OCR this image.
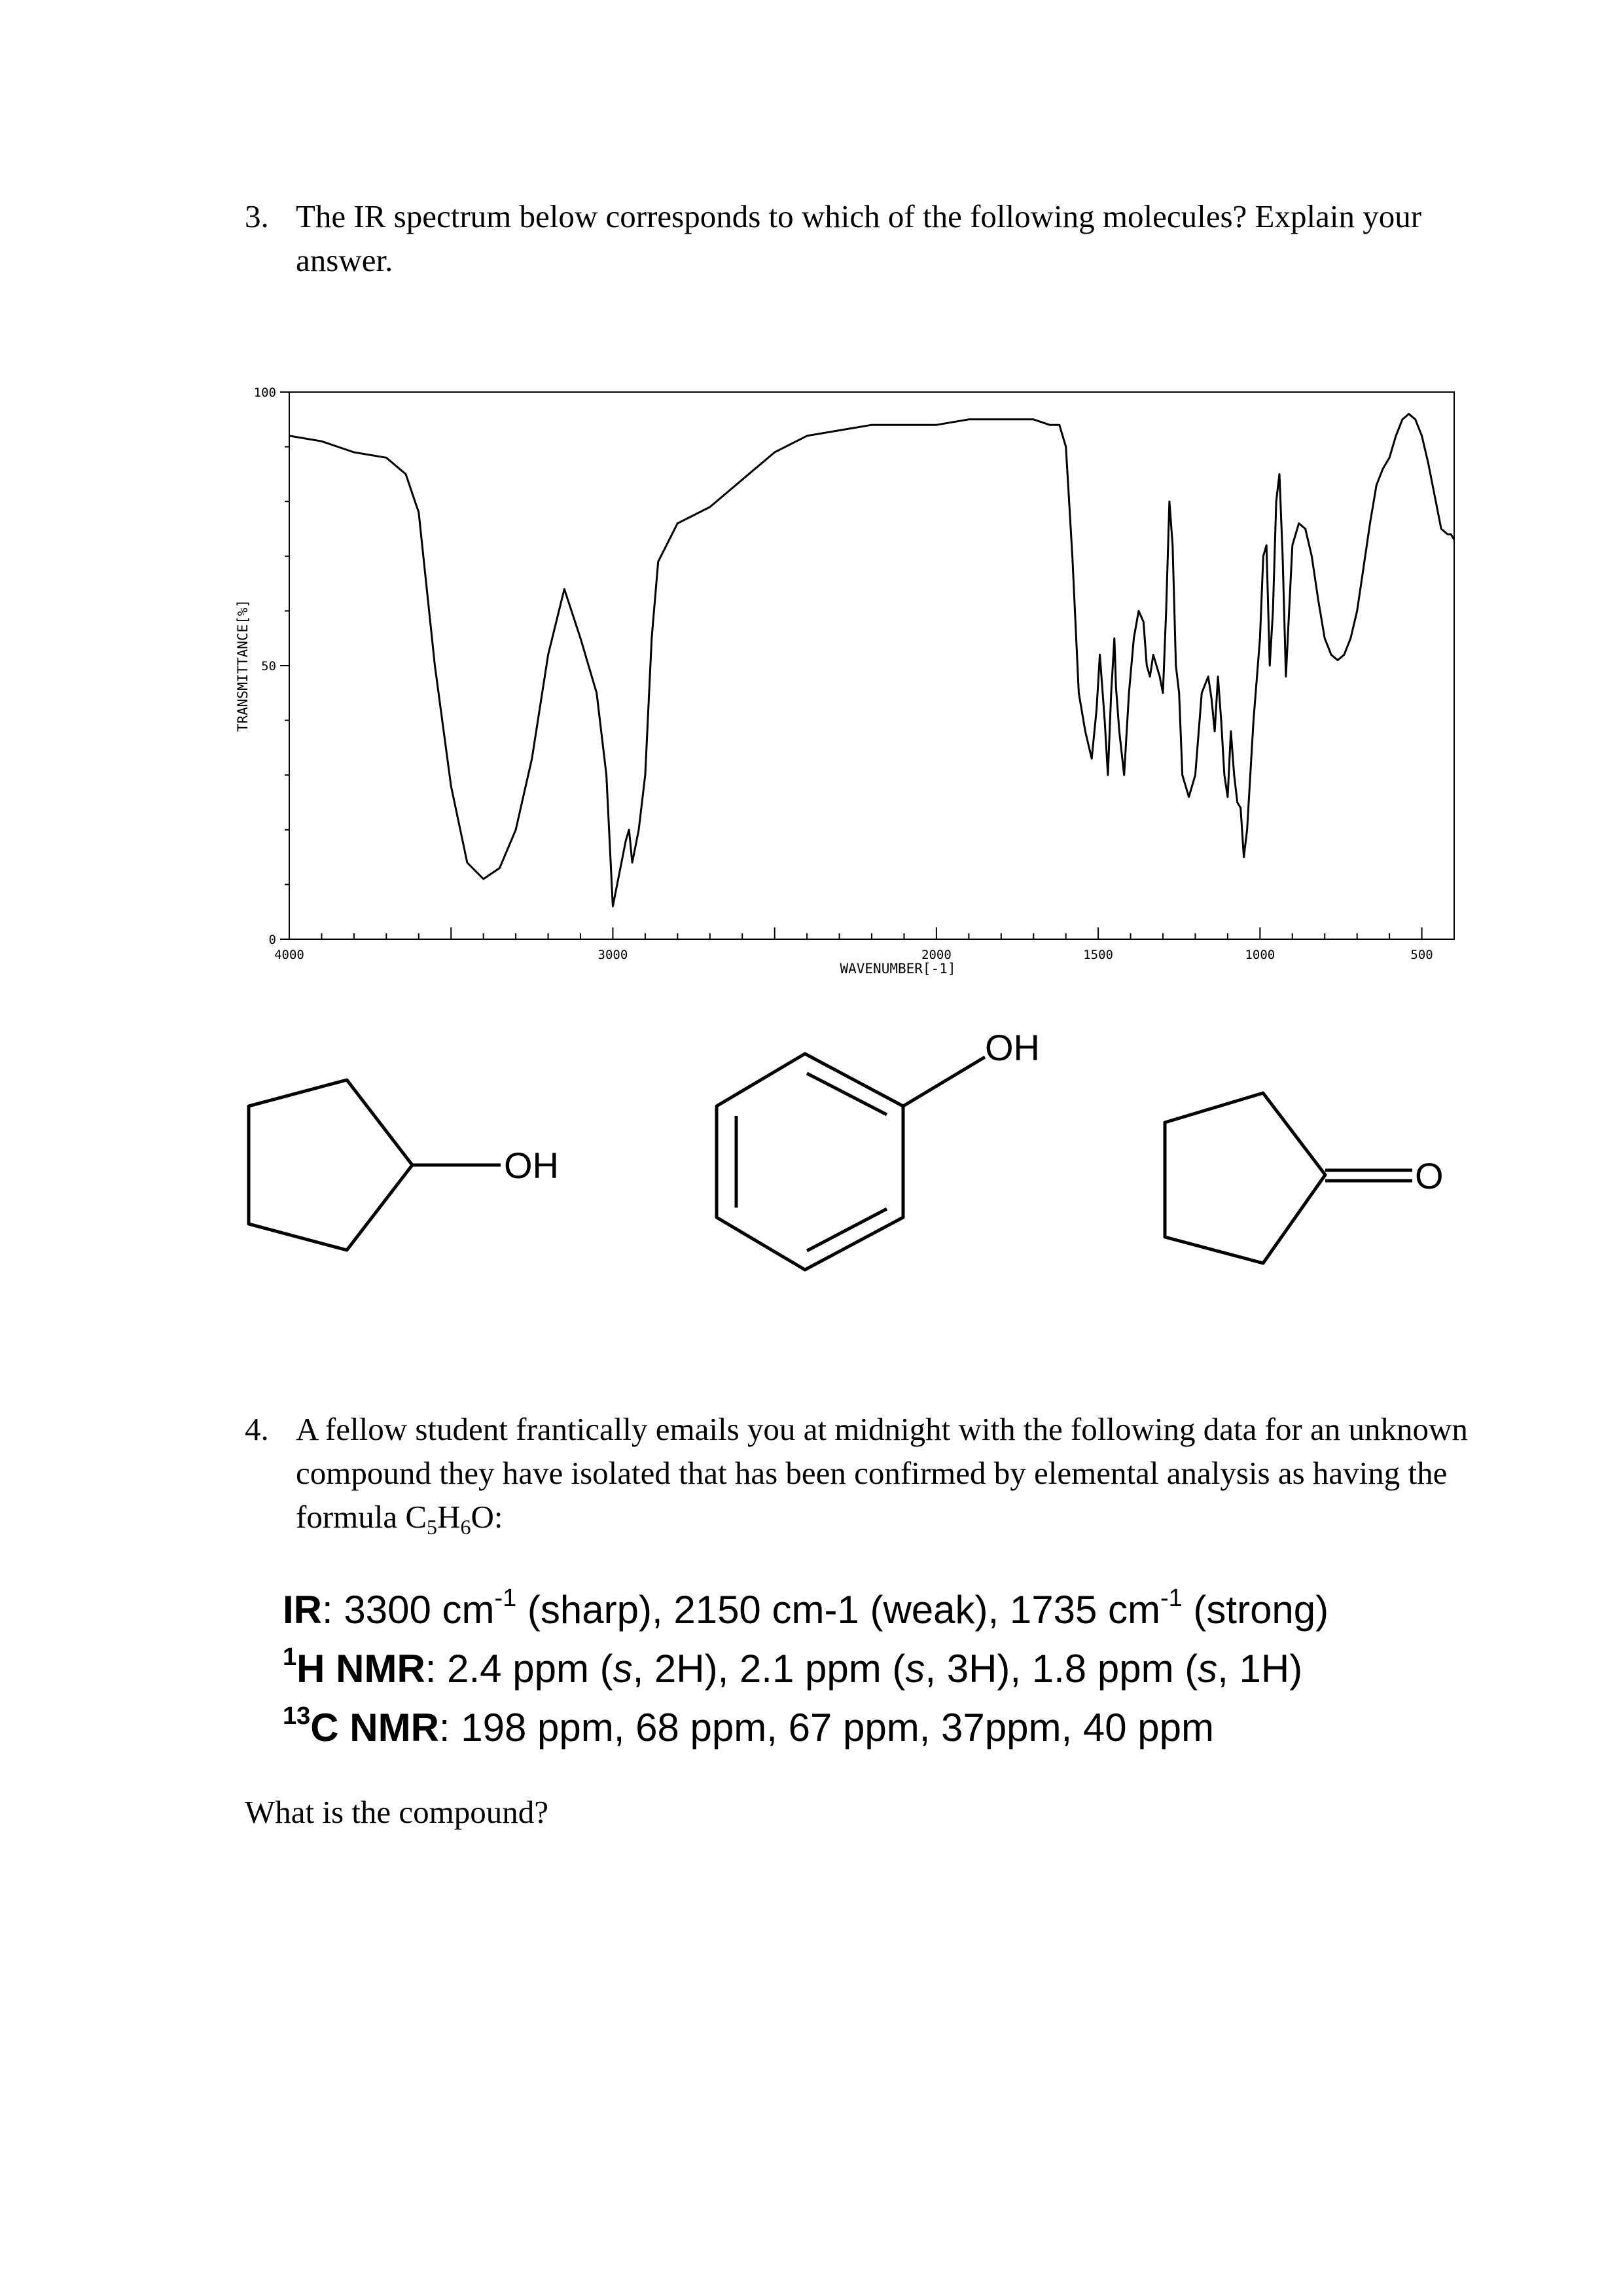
3. The IR spectrum below corresponds to which of the following molecules? Explain your answer.
4000	3000	2000	1500	1000	500
0
50
100
TRANSMITTANCE[%]
WAVENUMBER[-1]
OH
OH
O
4. A fellow student frantically emails you at midnight with the following data for an unknown compound they have isolated that has been confirmed by elemental analysis as having the formula $C_5H_6O$:
IR: 3300 $cm^{-1}$ (sharp), 2150 cm-1 (weak), 1735 $cm^{-1}$ (strong)
$^1$H NMR: 2.4 ppm (s, 2H), 2.1 ppm (s, 3H), 1.8 ppm (s, 1H)
$^{13}$C NMR: 198 ppm, 68 ppm, 67 ppm, 37ppm, 40 ppm
What is the compound?
